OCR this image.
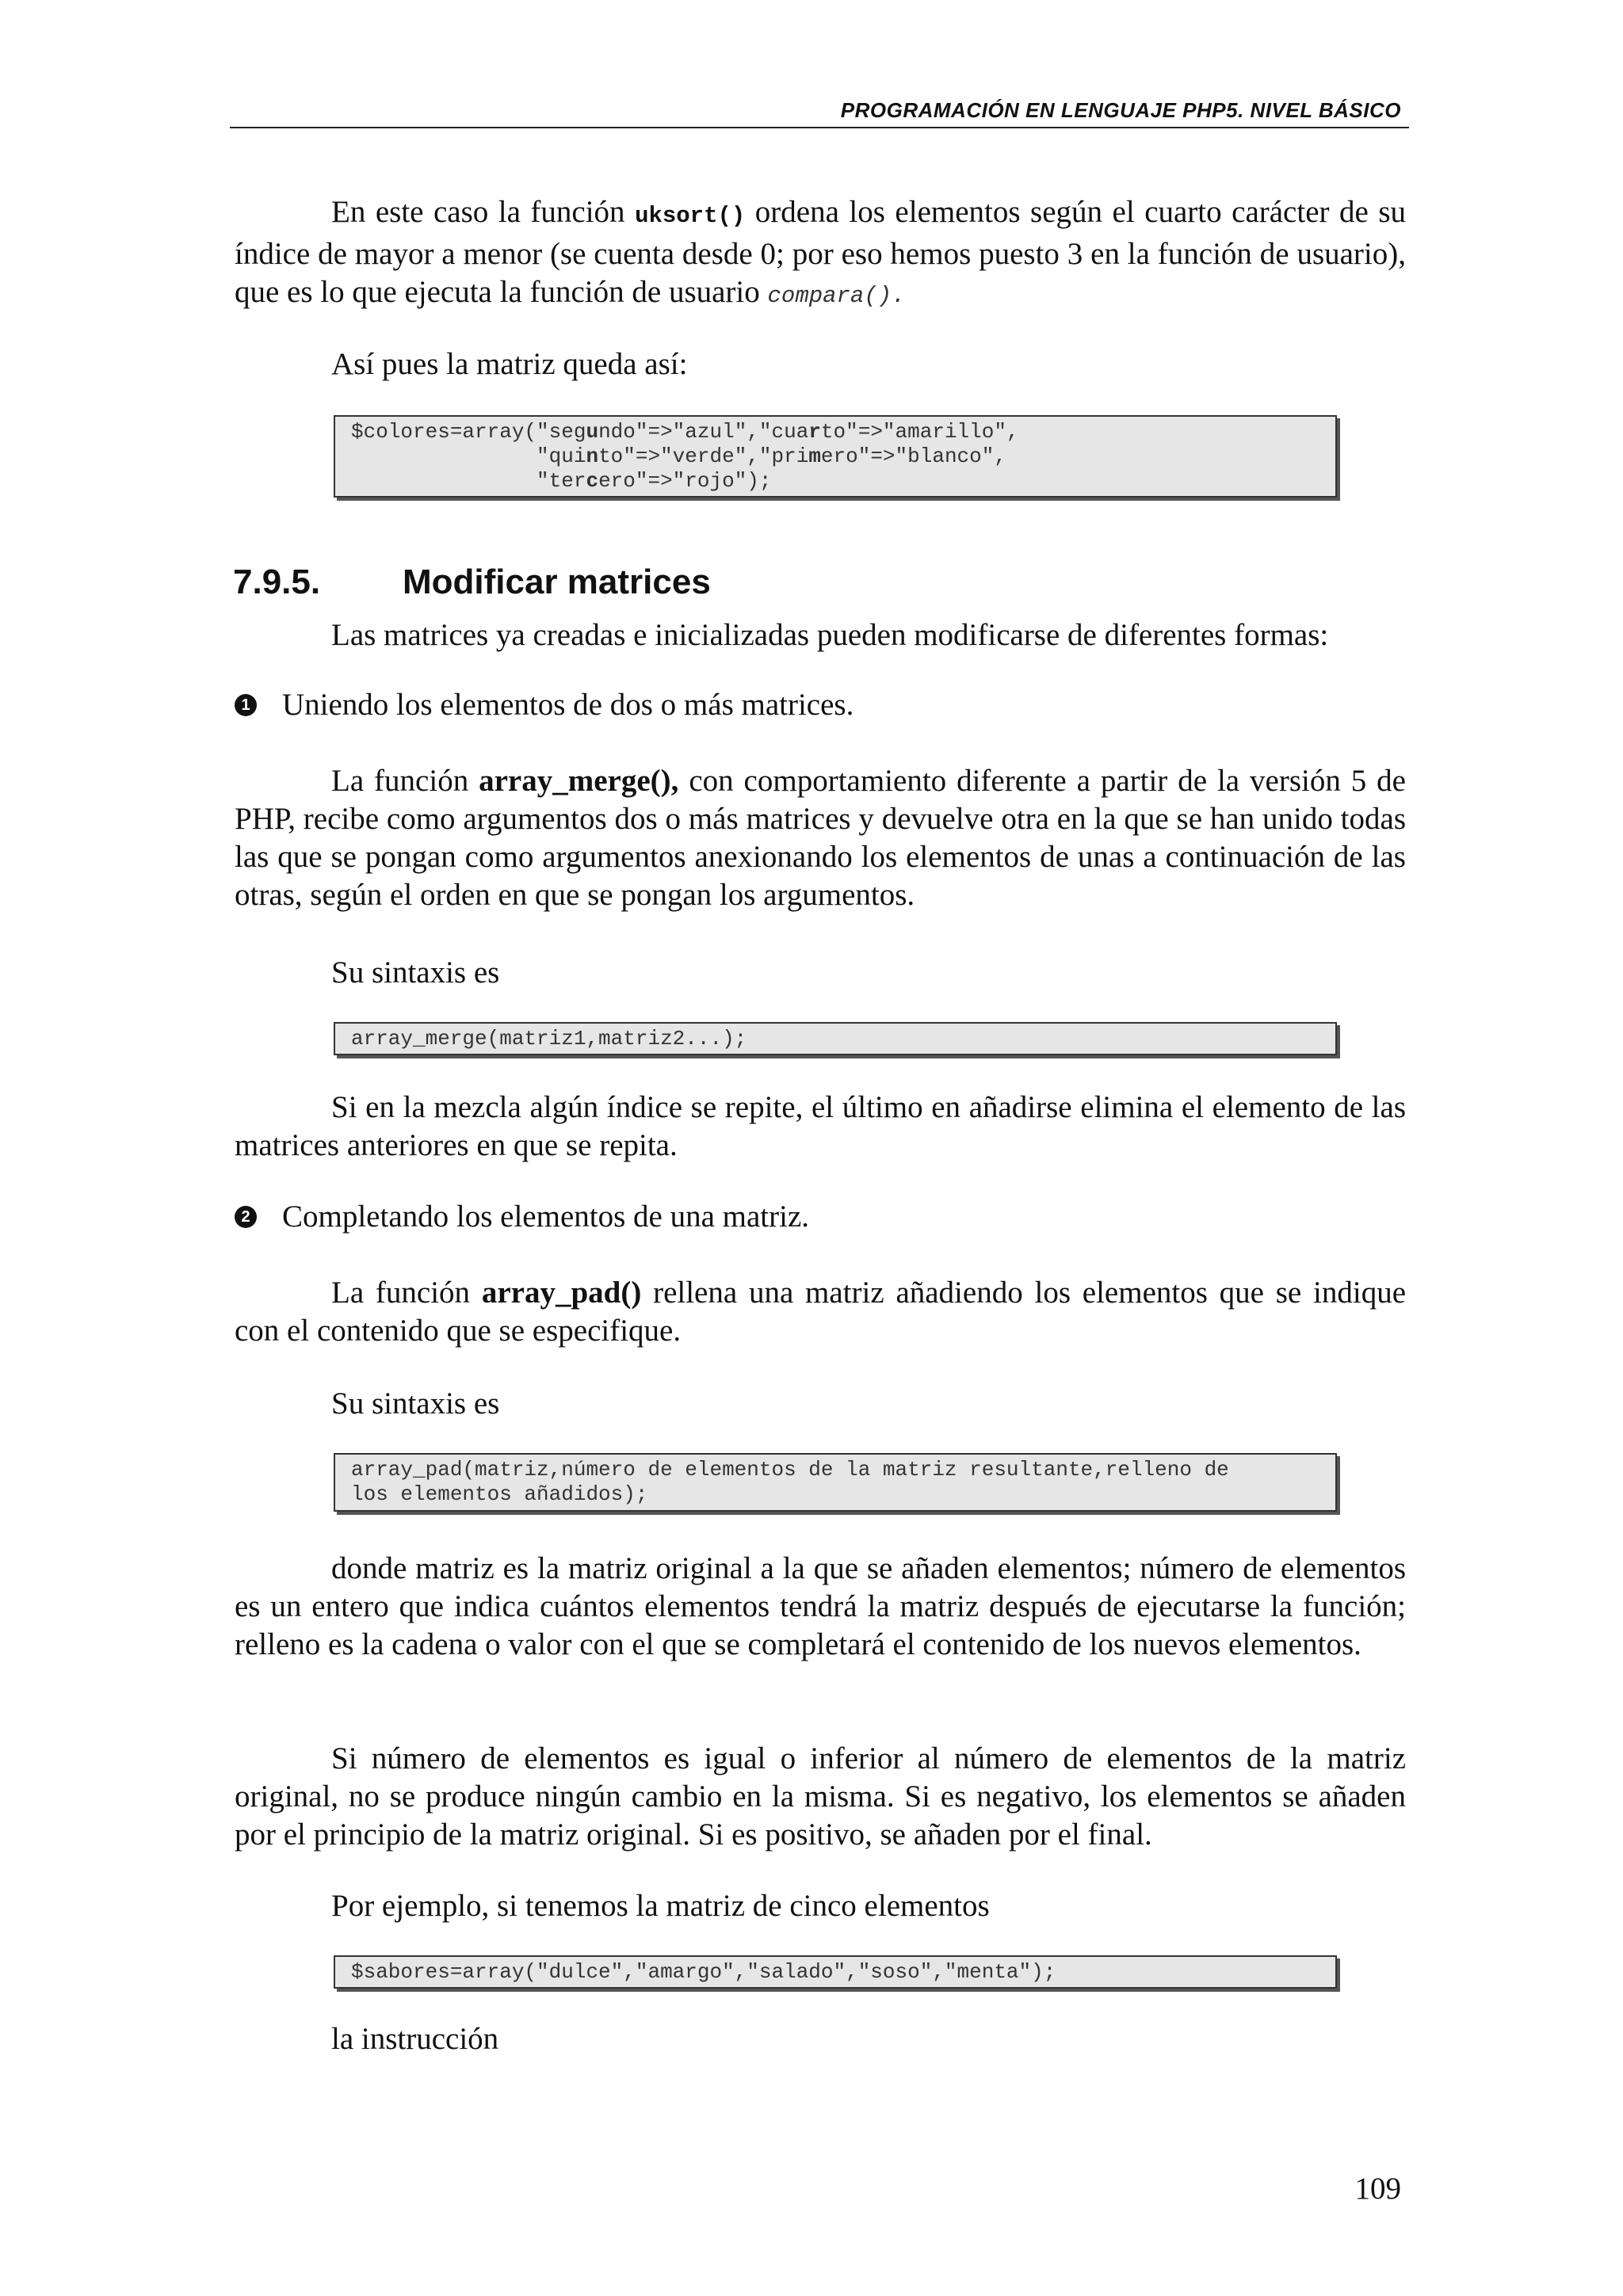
PROGRAMACIÓN EN LENGUAJE PHP5. NIVEL BÁSICO
En este caso la función uksort() ordena los elementos según el cuarto carácter de su índice de mayor a menor (se cuenta desde 0; por eso hemos puesto 3 en la función de usuario), que es lo que ejecuta la función de usuario compara().
Así pues la matriz queda así:
$colores=array("segundo"=>"azul","cuarto"=>"amarillo",
"quinto"=>"verde","primero"=>"blanco",
"tercero"=>"rojo");
7.9.5. Modificar matrices
Las matrices ya creadas e inicializadas pueden modificarse de diferentes formas:
1 Uniendo los elementos de dos o más matrices.
La función array_merge(), con comportamiento diferente a partir de la versión 5 de PHP, recibe como argumentos dos o más matrices y devuelve otra en la que se han unido todas las que se pongan como argumentos anexionando los elementos de unas a continuación de las otras, según el orden en que se pongan los argumentos.
Su sintaxis es
array_merge(matriz1,matriz2...);
Si en la mezcla algún índice se repite, el último en añadirse elimina el elemento de las matrices anteriores en que se repita.
2 Completando los elementos de una matriz.
La función array_pad() rellena una matriz añadiendo los elementos que se indique con el contenido que se especifique.
Su sintaxis es
array_pad(matriz,número de elementos de la matriz resultante,relleno de
los elementos añadidos);
donde matriz es la matriz original a la que se añaden elementos; número de elementos es un entero que indica cuántos elementos tendrá la matriz después de ejecutarse la función; relleno es la cadena o valor con el que se completará el contenido de los nuevos elementos.
Si número de elementos es igual o inferior al número de elementos de la matriz original, no se produce ningún cambio en la misma. Si es negativo, los elementos se añaden por el principio de la matriz original. Si es positivo, se añaden por el final.
Por ejemplo, si tenemos la matriz de cinco elementos
$sabores=array("dulce","amargo","salado","soso","menta");
la instrucción
109
